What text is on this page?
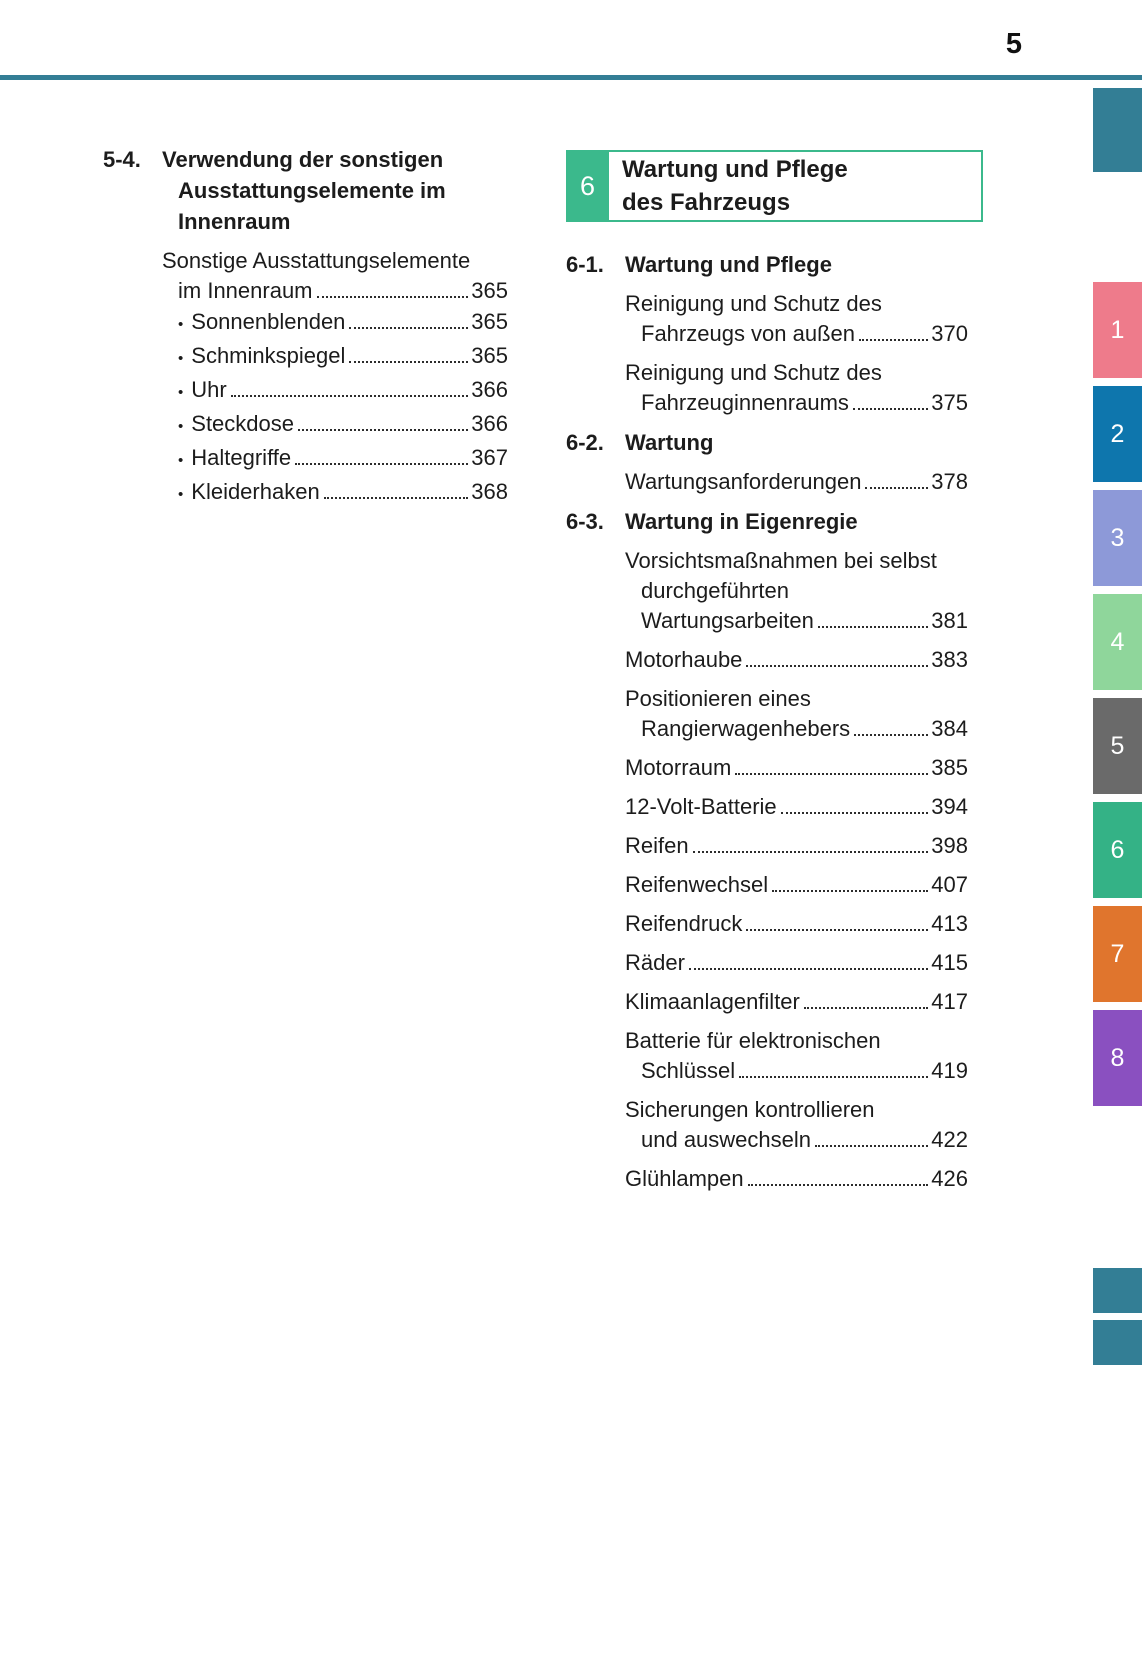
5
5-4. Verwendung der sonstigen
Ausstattungselemente im
Innenraum
Sonstige Ausstattungselemente
im Innenraum	365
• Sonnenblenden	365
• Schminkspiegel	365
• Uhr	366
• Steckdose	366
• Haltegriffe	367
• Kleiderhaken	368
6
Wartung und Pflege
des Fahrzeugs
6-1. Wartung und Pflege
Reinigung und Schutz des
Fahrzeugs von außen	370
Reinigung und Schutz des
Fahrzeuginnenraums	375
6-2. Wartung
Wartungsanforderungen	378
6-3. Wartung in Eigenregie
Vorsichtsmaßnahmen bei selbst
durchgeführten
Wartungsarbeiten	381
Motorhaube	383
Positionieren eines
Rangierwagenhebers	384
Motorraum	385
12-Volt-Batterie	394
Reifen	398
Reifenwechsel	407
Reifendruck	413
Räder	415
Klimaanlagenfilter	417
Batterie für elektronischen
Schlüssel	419
Sicherungen kontrollieren
und auswechseln	422
Glühlampen	426
1
2
3
4
5
6
7
8
